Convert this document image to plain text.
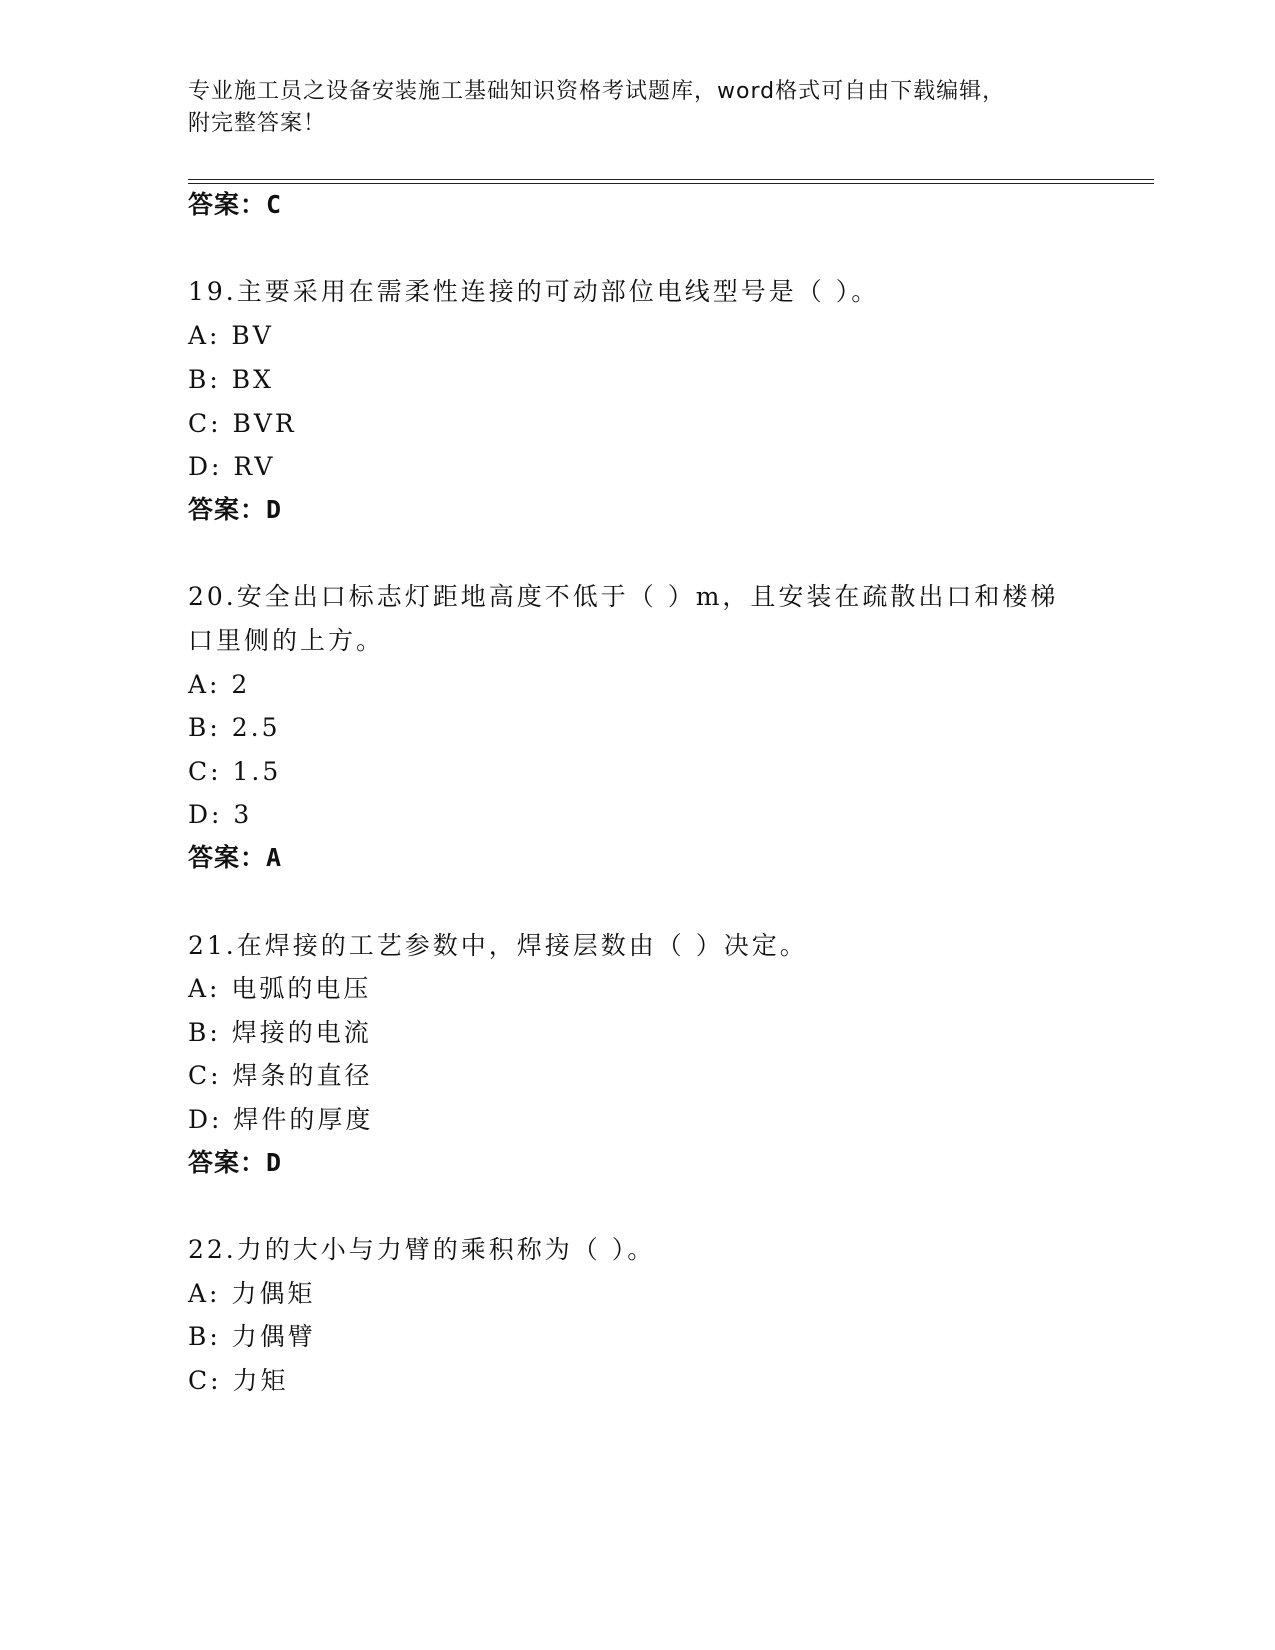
专业施工员之设备安装施工基础知识资格考试题库，word格式可自由下载编辑，
附完整答案！
答案：C
19.主要采用在需柔性连接的可动部位电线型号是（ ）。
A: BV
B: BX
C: BVR
D: RV
答案：D
20.安全出口标志灯距地高度不低于（ ）m，且安装在疏散出口和楼梯
口里侧的上方。
A: 2
B: 2.5
C: 1.5
D: 3
答案：A
21.在焊接的工艺参数中，焊接层数由（ ）决定。
A: 电弧的电压
B: 焊接的电流
C: 焊条的直径
D: 焊件的厚度
答案：D
22.力的大小与力臂的乘积称为（ ）。
A: 力偶矩
B: 力偶臂
C: 力矩
